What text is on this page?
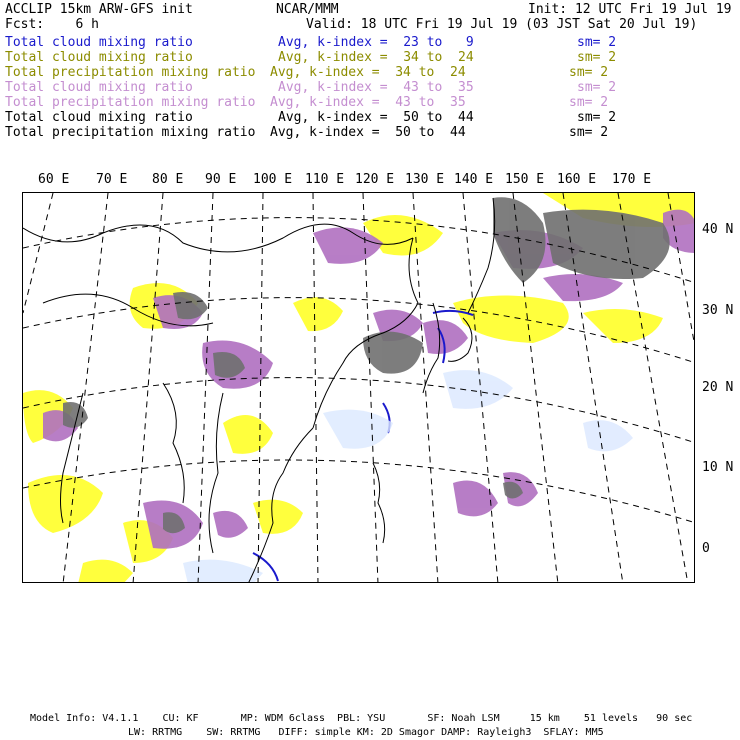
ACCLIP 15km ARW-GFS init	NCAR/MMM	Init: 12 UTC Fri 19 Jul 19
Fcst:    6 h	Valid: 18 UTC Fri 19 Jul 19 (03 JST Sat 20 Jul 19)
Total cloud mixing ratio	Avg, k-index =  23 to   9	sm= 2
Total cloud mixing ratio	Avg, k-index =  34 to  24	sm= 2
Total precipitation mixing ratio Avg, k-index =  34 to  24	sm= 2
Total cloud mixing ratio	Avg, k-index =  43 to  35	sm= 2
Total precipitation mixing ratio Avg, k-index =  43 to  35	sm= 2
Total cloud mixing ratio	Avg, k-index =  50 to  44	sm= 2
Total precipitation mixing ratio Avg, k-index =  50 to  44	sm= 2
60 E 70 E 80 E 90 E 100 E 110 E 120 E 130 E 140 E 150 E 160 E 170 E
40 N
30 N
20 N
10 N
0
Model Info: V4.1.1    CU: KF       MP: WDM 6class  PBL: YSU       SF: Noah LSM     15 km    51 levels   90 sec
LW: RRTMG    SW: RRTMG   DIFF: simple KM: 2D Smagor DAMP: Rayleigh3  SFLAY: MM5
